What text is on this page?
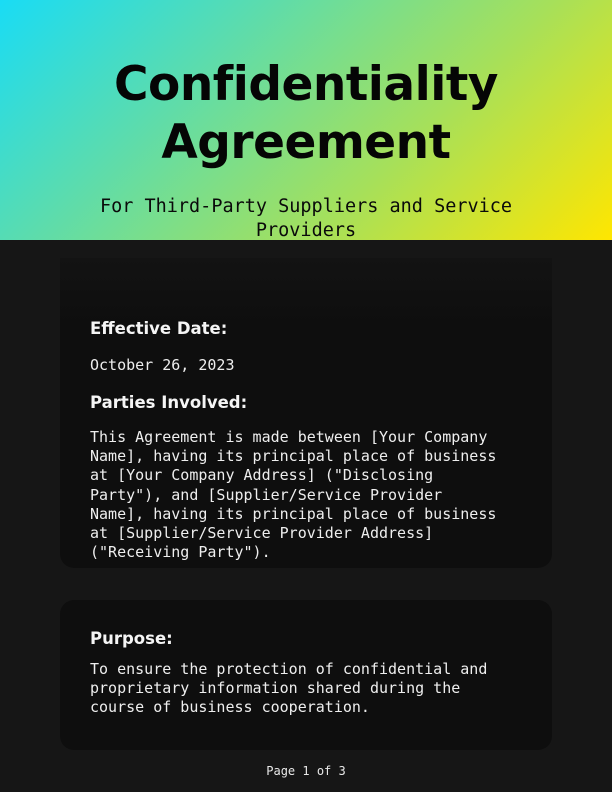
Confidentiality
Agreement

For Third-Party Suppliers and Service
Providers

Effective Date:

October 26, 2023

Parties Involved:

This Agreement is made between [Your Company
Name], having its principal place of business
at [Your Company Address] ("Disclosing
Party"), and [Supplier/Service Provider
Name], having its principal place of business
at [Supplier/Service Provider Address]
("Receiving Party").

Purpose:

To ensure the protection of confidential and
proprietary information shared during the
course of business cooperation.

Page 1 of 3
